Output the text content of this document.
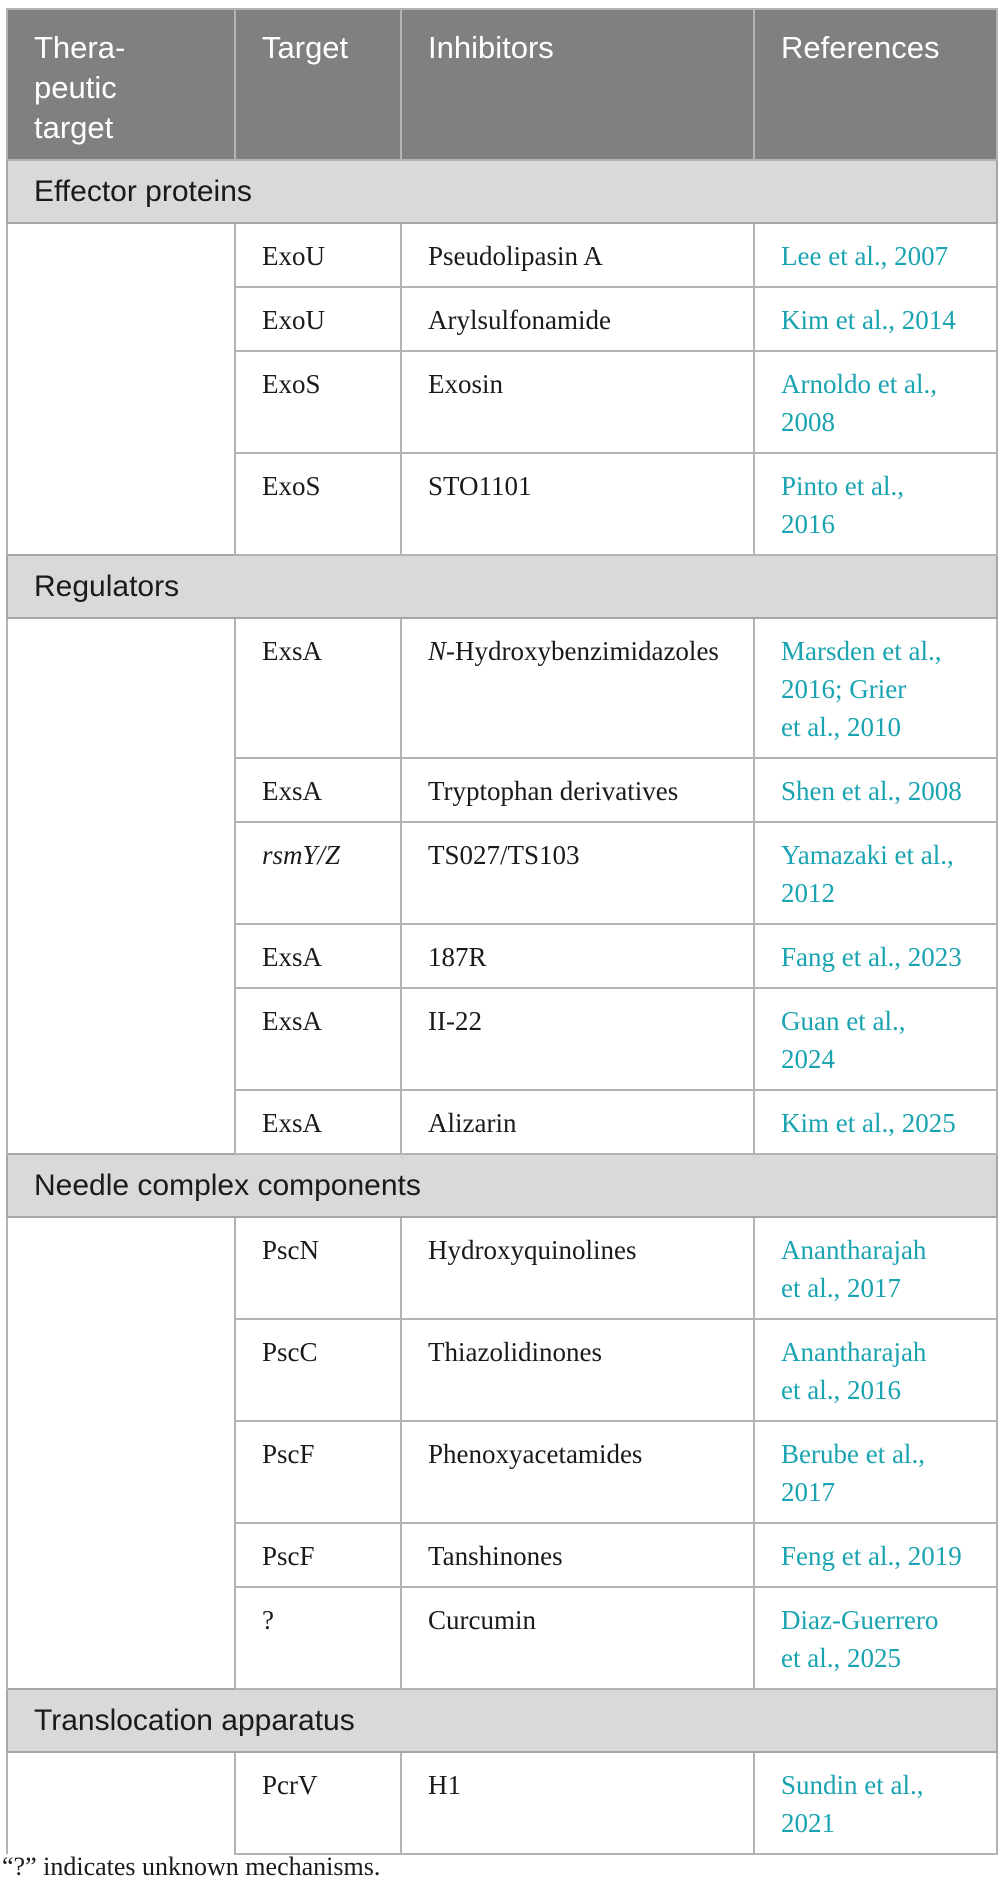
Thera-
peutic
target	Target	Inhibitors	References
Effector proteins			
	ExoU	Pseudolipasin A	Lee et al., 2007
	ExoU	Arylsulfonamide	Kim et al., 2014
	ExoS	Exosin	Arnoldo et al.,
2008
	ExoS	STO1101	Pinto et al.,
2016
Regulators			
	ExsA	N-Hydroxybenzimidazoles	Marsden et al.,
2016; Grier
et al., 2010
	ExsA	Tryptophan derivatives	Shen et al., 2008
	rsmY/Z	TS027/TS103	Yamazaki et al.,
2012
	ExsA	187R	Fang et al., 2023
	ExsA	II-22	Guan et al.,
2024
	ExsA	Alizarin	Kim et al., 2025
Needle complex components			
	PscN	Hydroxyquinolines	Anantharajah
et al., 2017
	PscC	Thiazolidinones	Anantharajah
et al., 2016
	PscF	Phenoxyacetamides	Berube et al.,
2017
	PscF	Tanshinones	Feng et al., 2019
	?	Curcumin	Diaz-Guerrero
et al., 2025
Translocation apparatus			
	PcrV	H1	Sundin et al.,
2021
“?” indicates unknown mechanisms.
